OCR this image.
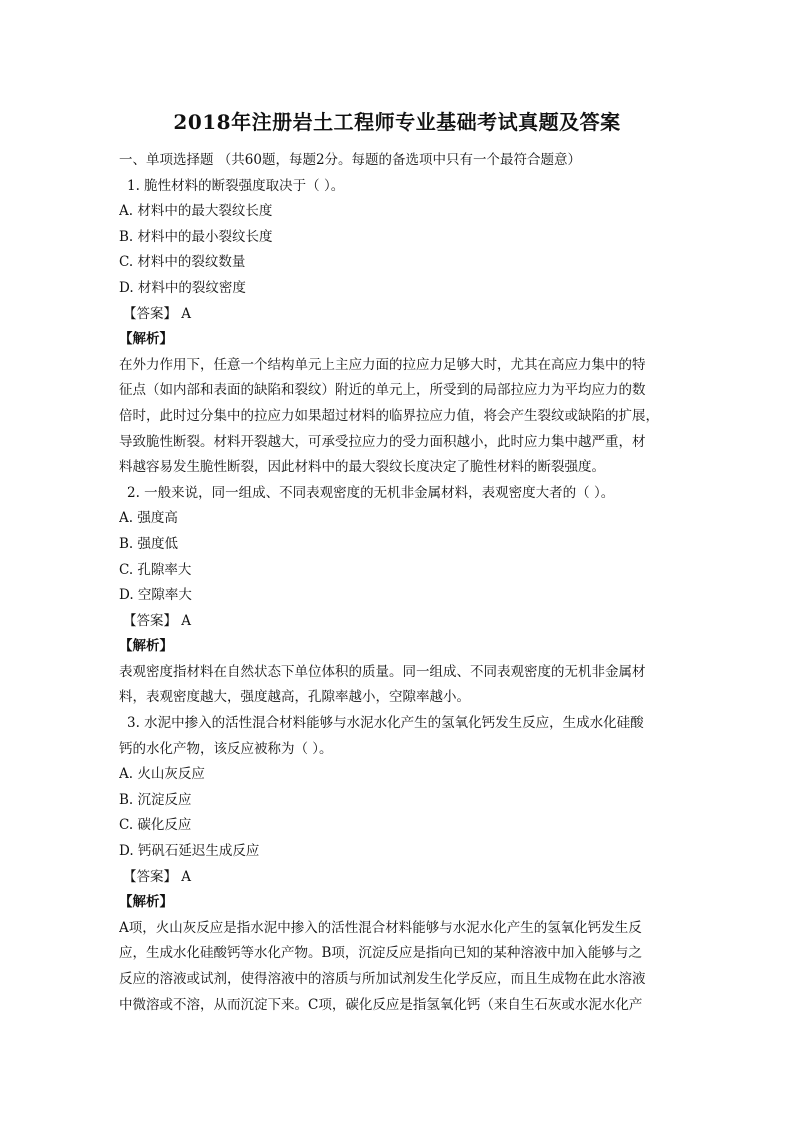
2018年注册岩土工程师专业基础考试真题及答案
一、单项选择题 （共60题，每题2分。每题的备选项中只有一个最符合题意）
1. 脆性材料的断裂强度取决于（ ）。
A. 材料中的最大裂纹长度
B. 材料中的最小裂纹长度
C. 材料中的裂纹数量
D. 材料中的裂纹密度
【答案】 A
【解析】
在外力作用下，任意一个结构单元上主应力面的拉应力足够大时，尤其在高应力集中的特
征点（如内部和表面的缺陷和裂纹）附近的单元上，所受到的局部拉应力为平均应力的数
倍时，此时过分集中的拉应力如果超过材料的临界拉应力值，将会产生裂纹或缺陷的扩展，
导致脆性断裂。材料开裂越大，可承受拉应力的受力面积越小，此时应力集中越严重，材
料越容易发生脆性断裂，因此材料中的最大裂纹长度决定了脆性材料的断裂强度。
2. 一般来说，同一组成、不同表观密度的无机非金属材料，表观密度大者的（ ）。
A. 强度高
B. 强度低
C. 孔隙率大
D. 空隙率大
【答案】 A
【解析】
表观密度指材料在自然状态下单位体积的质量。同一组成、不同表观密度的无机非金属材
料，表观密度越大，强度越高，孔隙率越小，空隙率越小。
3. 水泥中掺入的活性混合材料能够与水泥水化产生的氢氧化钙发生反应，生成水化硅酸
钙的水化产物，该反应被称为（ ）。
A. 火山灰反应
B. 沉淀反应
C. 碳化反应
D. 钙矾石延迟生成反应
【答案】 A
【解析】
A项，火山灰反应是指水泥中掺入的活性混合材料能够与水泥水化产生的氢氧化钙发生反
应，生成水化硅酸钙等水化产物。B项，沉淀反应是指向已知的某种溶液中加入能够与之
反应的溶液或试剂，使得溶液中的溶质与所加试剂发生化学反应，而且生成物在此水溶液
中微溶或不溶，从而沉淀下来。C项，碳化反应是指氢氧化钙（来自生石灰或水泥水化产
